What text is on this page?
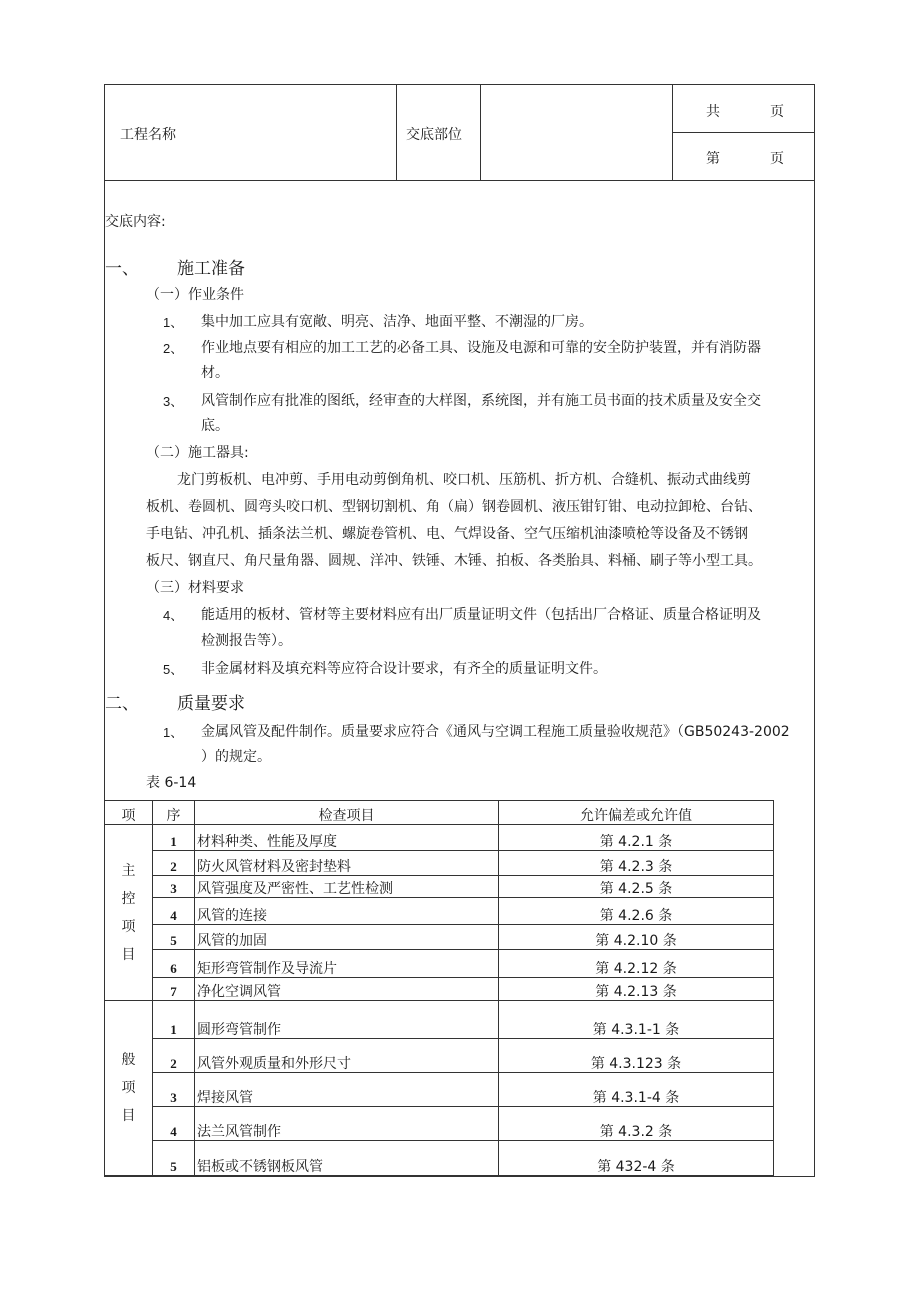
工程名称	交底部位
共	页
第	页
交底内容:
一、 施工准备
（一）作业条件
1、 集中加工应具有宽敞、明亮、洁净、地面平整、不潮湿的厂房。
2、 作业地点要有相应的加工工艺的必备工具、设施及电源和可靠的安全防护装置，并有消防器
材。
3、 风管制作应有批准的图纸，经审查的大样图，系统图，并有施工员书面的技术质量及安全交
底。
（二）施工器具:
龙门剪板机、电冲剪、手用电动剪倒角机、咬口机、压筋机、折方机、合缝机、振动式曲线剪
板机、卷圆机、圆弯头咬口机、型钢切割机、角（扁）钢卷圆机、液压钳钉钳、电动拉卸枪、台钻、
手电钻、冲孔机、插条法兰机、螺旋卷管机、电、气焊设备、空气压缩机油漆喷枪等设备及不锈钢
板尺、钢直尺、角尺量角器、圆规、洋冲、铁锤、木锤、拍板、各类胎具、料桶、刷子等小型工具。
（三）材料要求
4、 能适用的板材、管材等主要材料应有出厂质量证明文件（包括出厂合格证、质量合格证明及
检测报告等）。
5、 非金属材料及填充料等应符合设计要求，有齐全的质量证明文件。
二、 质量要求
1、 金属风管及配件制作。质量要求应符合《通风与空调工程施工质量验收规范》（GB50243-2002
）的规定。
表 6-14
项	序	检查项目	允许偏差或允许值

主
控
项
目	1	材料种类、性能及厚度	第 4.2.1 条
	2	防火风管材料及密封垫料	第 4.2.3 条
	3	风管强度及严密性、工艺性检测	第 4.2.5 条
	4	风管的连接	第 4.2.6 条
	5	风管的加固	第 4.2.10 条
	6	矩形弯管制作及导流片	第 4.2.12 条
	7	净化空调风管	第 4.2.13 条

般
项
目	1	圆形弯管制作	第 4.3.1-1 条
	2	风管外观质量和外形尺寸	第 4.3.123 条
	3	焊接风管	第 4.3.1-4 条
	4	法兰风管制作	第 4.3.2 条
	5	铝板或不锈钢板风管	第 432-4 条
